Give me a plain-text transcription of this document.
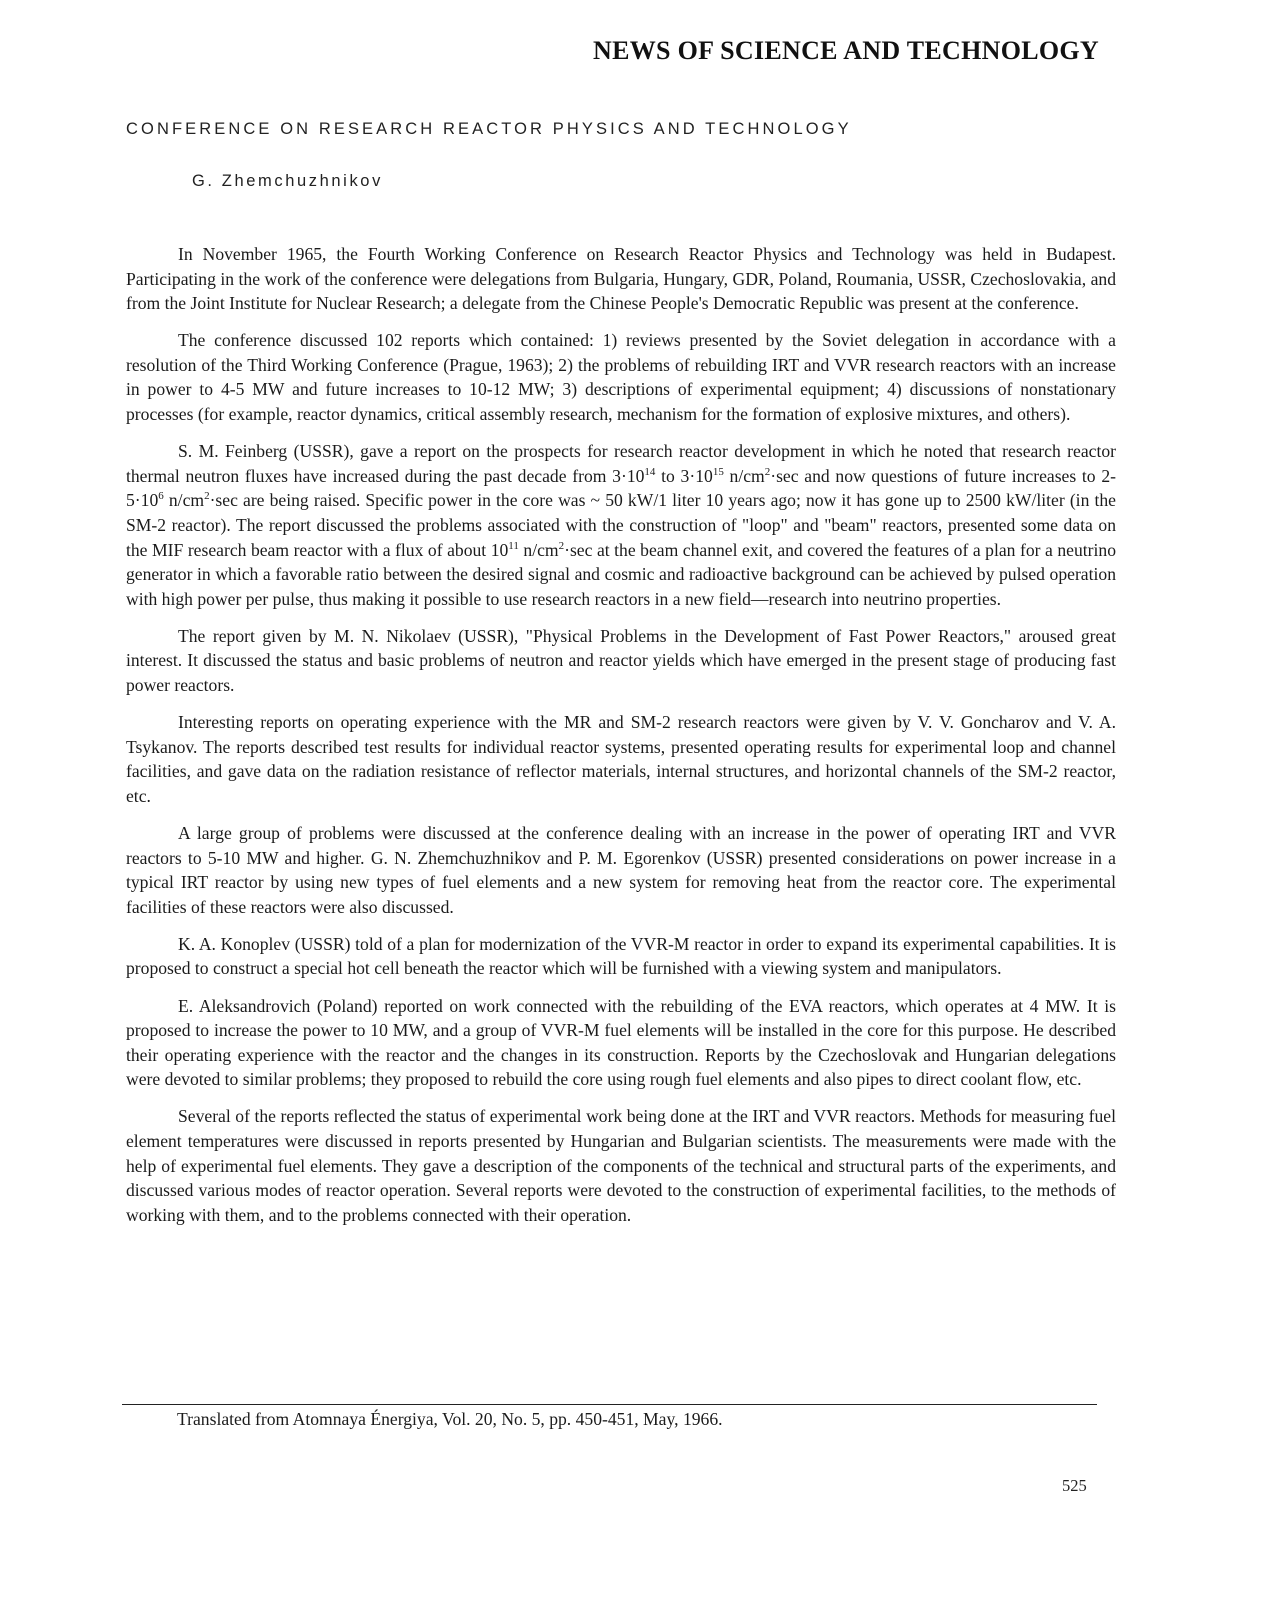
NEWS OF SCIENCE AND TECHNOLOGY
CONFERENCE ON RESEARCH REACTOR PHYSICS AND TECHNOLOGY
G. Zhemchuzhnikov

In November 1965, the Fourth Working Conference on Research Reactor Physics and Technology was held in Budapest. Participating in the work of the conference were delegations from Bulgaria, Hungary, GDR, Poland, Roumania, USSR, Czechoslovakia, and from the Joint Institute for Nuclear Research; a delegate from the Chinese People's Democratic Republic was present at the conference.

The conference discussed 102 reports which contained: 1) reviews presented by the Soviet delegation in accordance with a resolution of the Third Working Conference (Prague, 1963); 2) the problems of rebuilding IRT and VVR research reactors with an increase in power to 4-5 MW and future increases to 10-12 MW; 3) descriptions of experimental equipment; 4) discussions of nonstationary processes (for example, reactor dynamics, critical assembly research, mechanism for the formation of explosive mixtures, and others).

S. M. Feinberg (USSR), gave a report on the prospects for research reactor development in which he noted that research reactor thermal neutron fluxes have increased during the past decade from $3\cdot 10^{14}$ to $3\cdot 10^{15}$ $n/cm^2\cdot\sec$ and now questions of future increases to $2-5\cdot 10^6$ $n/cm^2\cdot\sec$ are being raised. Specific power in the core was ~ 50 kW/1 liter 10 years ago; now it has gone up to 2500 kW/liter (in the SM-2 reactor). The report discussed the problems associated with the construction of "loop" and "beam" reactors, presented some data on the MIF research beam reactor with a flux of about $10^{11}$ $n/cm^2\cdot\sec$ at the beam channel exit, and covered the features of a plan for a neutrino generator in which a favorable ratio between the desired signal and cosmic and radioactive background can be achieved by pulsed operation with high power per pulse, thus making it possible to use research reactors in a new field—research into neutrino properties.

The report given by M. N. Nikolaev (USSR), "Physical Problems in the Development of Fast Power Reactors," aroused great interest. It discussed the status and basic problems of neutron and reactor yields which have emerged in the present stage of producing fast power reactors.

Interesting reports on operating experience with the MR and SM-2 research reactors were given by V. V. Goncharov and V. A. Tsykanov. The reports described test results for individual reactor systems, presented operating results for experimental loop and channel facilities, and gave data on the radiation resistance of reflector materials, internal structures, and horizontal channels of the SM-2 reactor, etc.

A large group of problems were discussed at the conference dealing with an increase in the power of operating IRT and VVR reactors to 5-10 MW and higher. G. N. Zhemchuzhnikov and P. M. Egorenkov (USSR) presented considerations on power increase in a typical IRT reactor by using new types of fuel elements and a new system for removing heat from the reactor core. The experimental facilities of these reactors were also discussed.

K. A. Konoplev (USSR) told of a plan for modernization of the VVR-M reactor in order to expand its experimental capabilities. It is proposed to construct a special hot cell beneath the reactor which will be furnished with a viewing system and manipulators.

E. Aleksandrovich (Poland) reported on work connected with the rebuilding of the EVA reactors, which operates at 4 MW. It is proposed to increase the power to 10 MW, and a group of VVR-M fuel elements will be installed in the core for this purpose. He described their operating experience with the reactor and the changes in its construction. Reports by the Czechoslovak and Hungarian delegations were devoted to similar problems; they proposed to rebuild the core using rough fuel elements and also pipes to direct coolant flow, etc.

Several of the reports reflected the status of experimental work being done at the IRT and VVR reactors. Methods for measuring fuel element temperatures were discussed in reports presented by Hungarian and Bulgarian scientists. The measurements were made with the help of experimental fuel elements. They gave a description of the components of the technical and structural parts of the experiments, and discussed various modes of reactor operation. Several reports were devoted to the construction of experimental facilities, to the methods of working with them, and to the problems connected with their operation.

Translated from Atomnaya Énergiya, Vol. 20, No. 5, pp. 450-451, May, 1966.
525
